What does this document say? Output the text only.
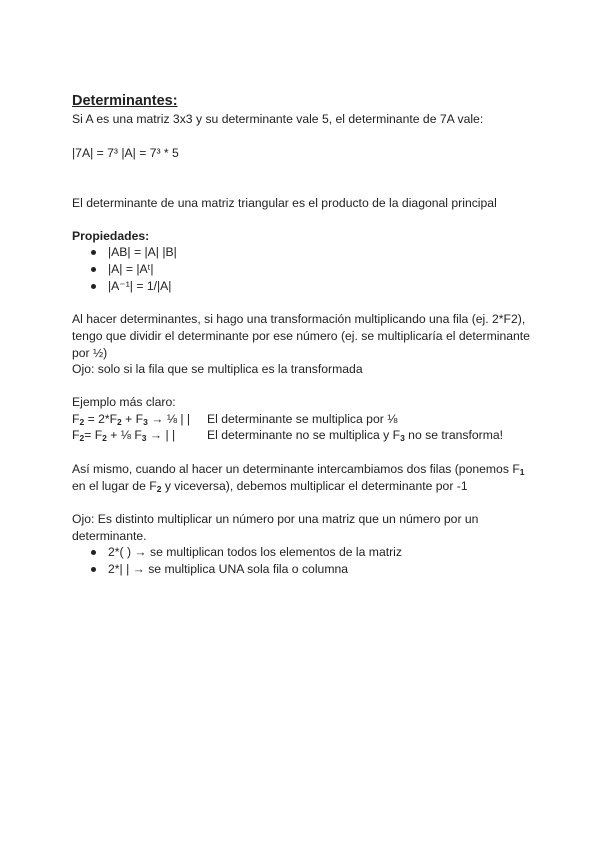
Determinantes:
Si A es una matriz 3x3 y su determinante vale 5, el determinante de 7A vale:
|7A| = 7³ |A| = 7³ * 5
El determinante de una matriz triangular es el producto de la diagonal principal
Propiedades:
|AB| = |A| |B|
|A| = |Aᵗ|
|A⁻¹| = 1/|A|
Al hacer determinantes, si hago una transformación multiplicando una fila (ej. 2*F2),
tengo que dividir el determinante por ese número (ej. se multiplicaría el determinante
por ½)
Ojo: solo si la fila que se multiplica es la transformada
Ejemplo más claro:
$F_2 = 2*F_2 + F_3$ → ⅛ | | El determinante se multiplica por ⅛
$F_2= F_2$ + ⅛ $F_3$ → | |	El determinante no se multiplica y $F_3$ no se transforma!
Así mismo, cuando al hacer un determinante intercambiamos dos filas (ponemos $F_1$
en el lugar de $F_2$ y viceversa), debemos multiplicar el determinante por -1
Ojo: Es distinto multiplicar un número por una matriz que un número por un
determinante.
2*( ) → se multiplican todos los elementos de la matriz
2*| | → se multiplica UNA sola fila o columna
